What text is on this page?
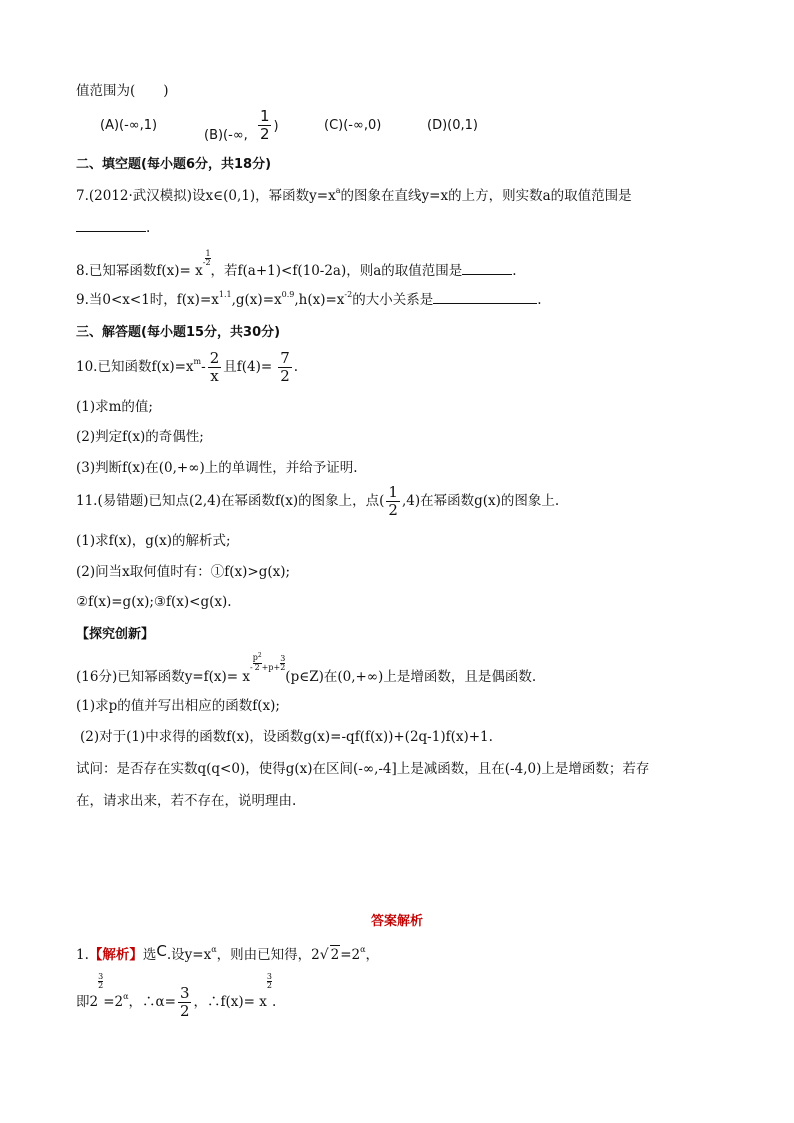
值范围为( )
(A)(-∞,1)
(B)(-∞, $\frac{1}{2}$ )	(C)(-∞,0)	(D)(0,1)
二、填空题(每小题6分，共18分)
7.(2012·武汉模拟)设x∈(0,1)，幂函数$y=x^a$的图象在直线y=x的上方，则实数a的取值范围是
.
8.已知幂函数$f(x)= x- \frac{1}{2}$
，若f(a+1)<f(10-2a)，则a的取值范围是	.
9.当0<x<1时，$f(x)=x^{1.1},g(x)=x^{0.9},h(x)=x^{-2}$的大小关系是	.
三、解答题(每小题15分，共30分)
10.已知函数$f(x)=x^m- \frac{2}{x}$ 且$f(4)= \frac{7}{2}$ .
(1)求m的值;
(2)判定f(x)的奇偶性;
(3)判断f(x)在(0,+∞)上的单调性，并给予证明.
11.(易错题)已知点(2,4)在幂函数f(x)的图象上，点( $\frac{1}{2} ,4$)在幂函数g(x)的图象上.
(1)求f(x)，g(x)的解析式;
(2)问当x取何值时有：①f(x)>g(x);
②f(x)=g(x);③f(x)<g(x).
【探究创新】
(16分)已知幂函数$y=f(x)= x- \frac{p^2}{2} +p+ \frac{3}{2}$
(p∈Z)在(0,+∞)上是增函数，且是偶函数.
(1)求p的值并写出相应的函数f(x);
(2)对于(1)中求得的函数f(x)，设函数g(x)=-qf(f(x))+(2q-1)f(x)+1.
试问：是否存在实数q(q<0)，使得g(x)在区间(-∞,-4]上是减函数，且在(-4,0)上是增函数；若存
在，请求出来，若不存在，说明理由.
答案解析
1.【解析】选C.设$y=x^\alpha$，则由已知得，2√ $2=2^\alpha$，
即2
$\frac{3}{2}$
$=2^\alpha$，∴α= $\frac{3}{2}$ ，∴f(x)= x
$\frac{3}{2}$
.
